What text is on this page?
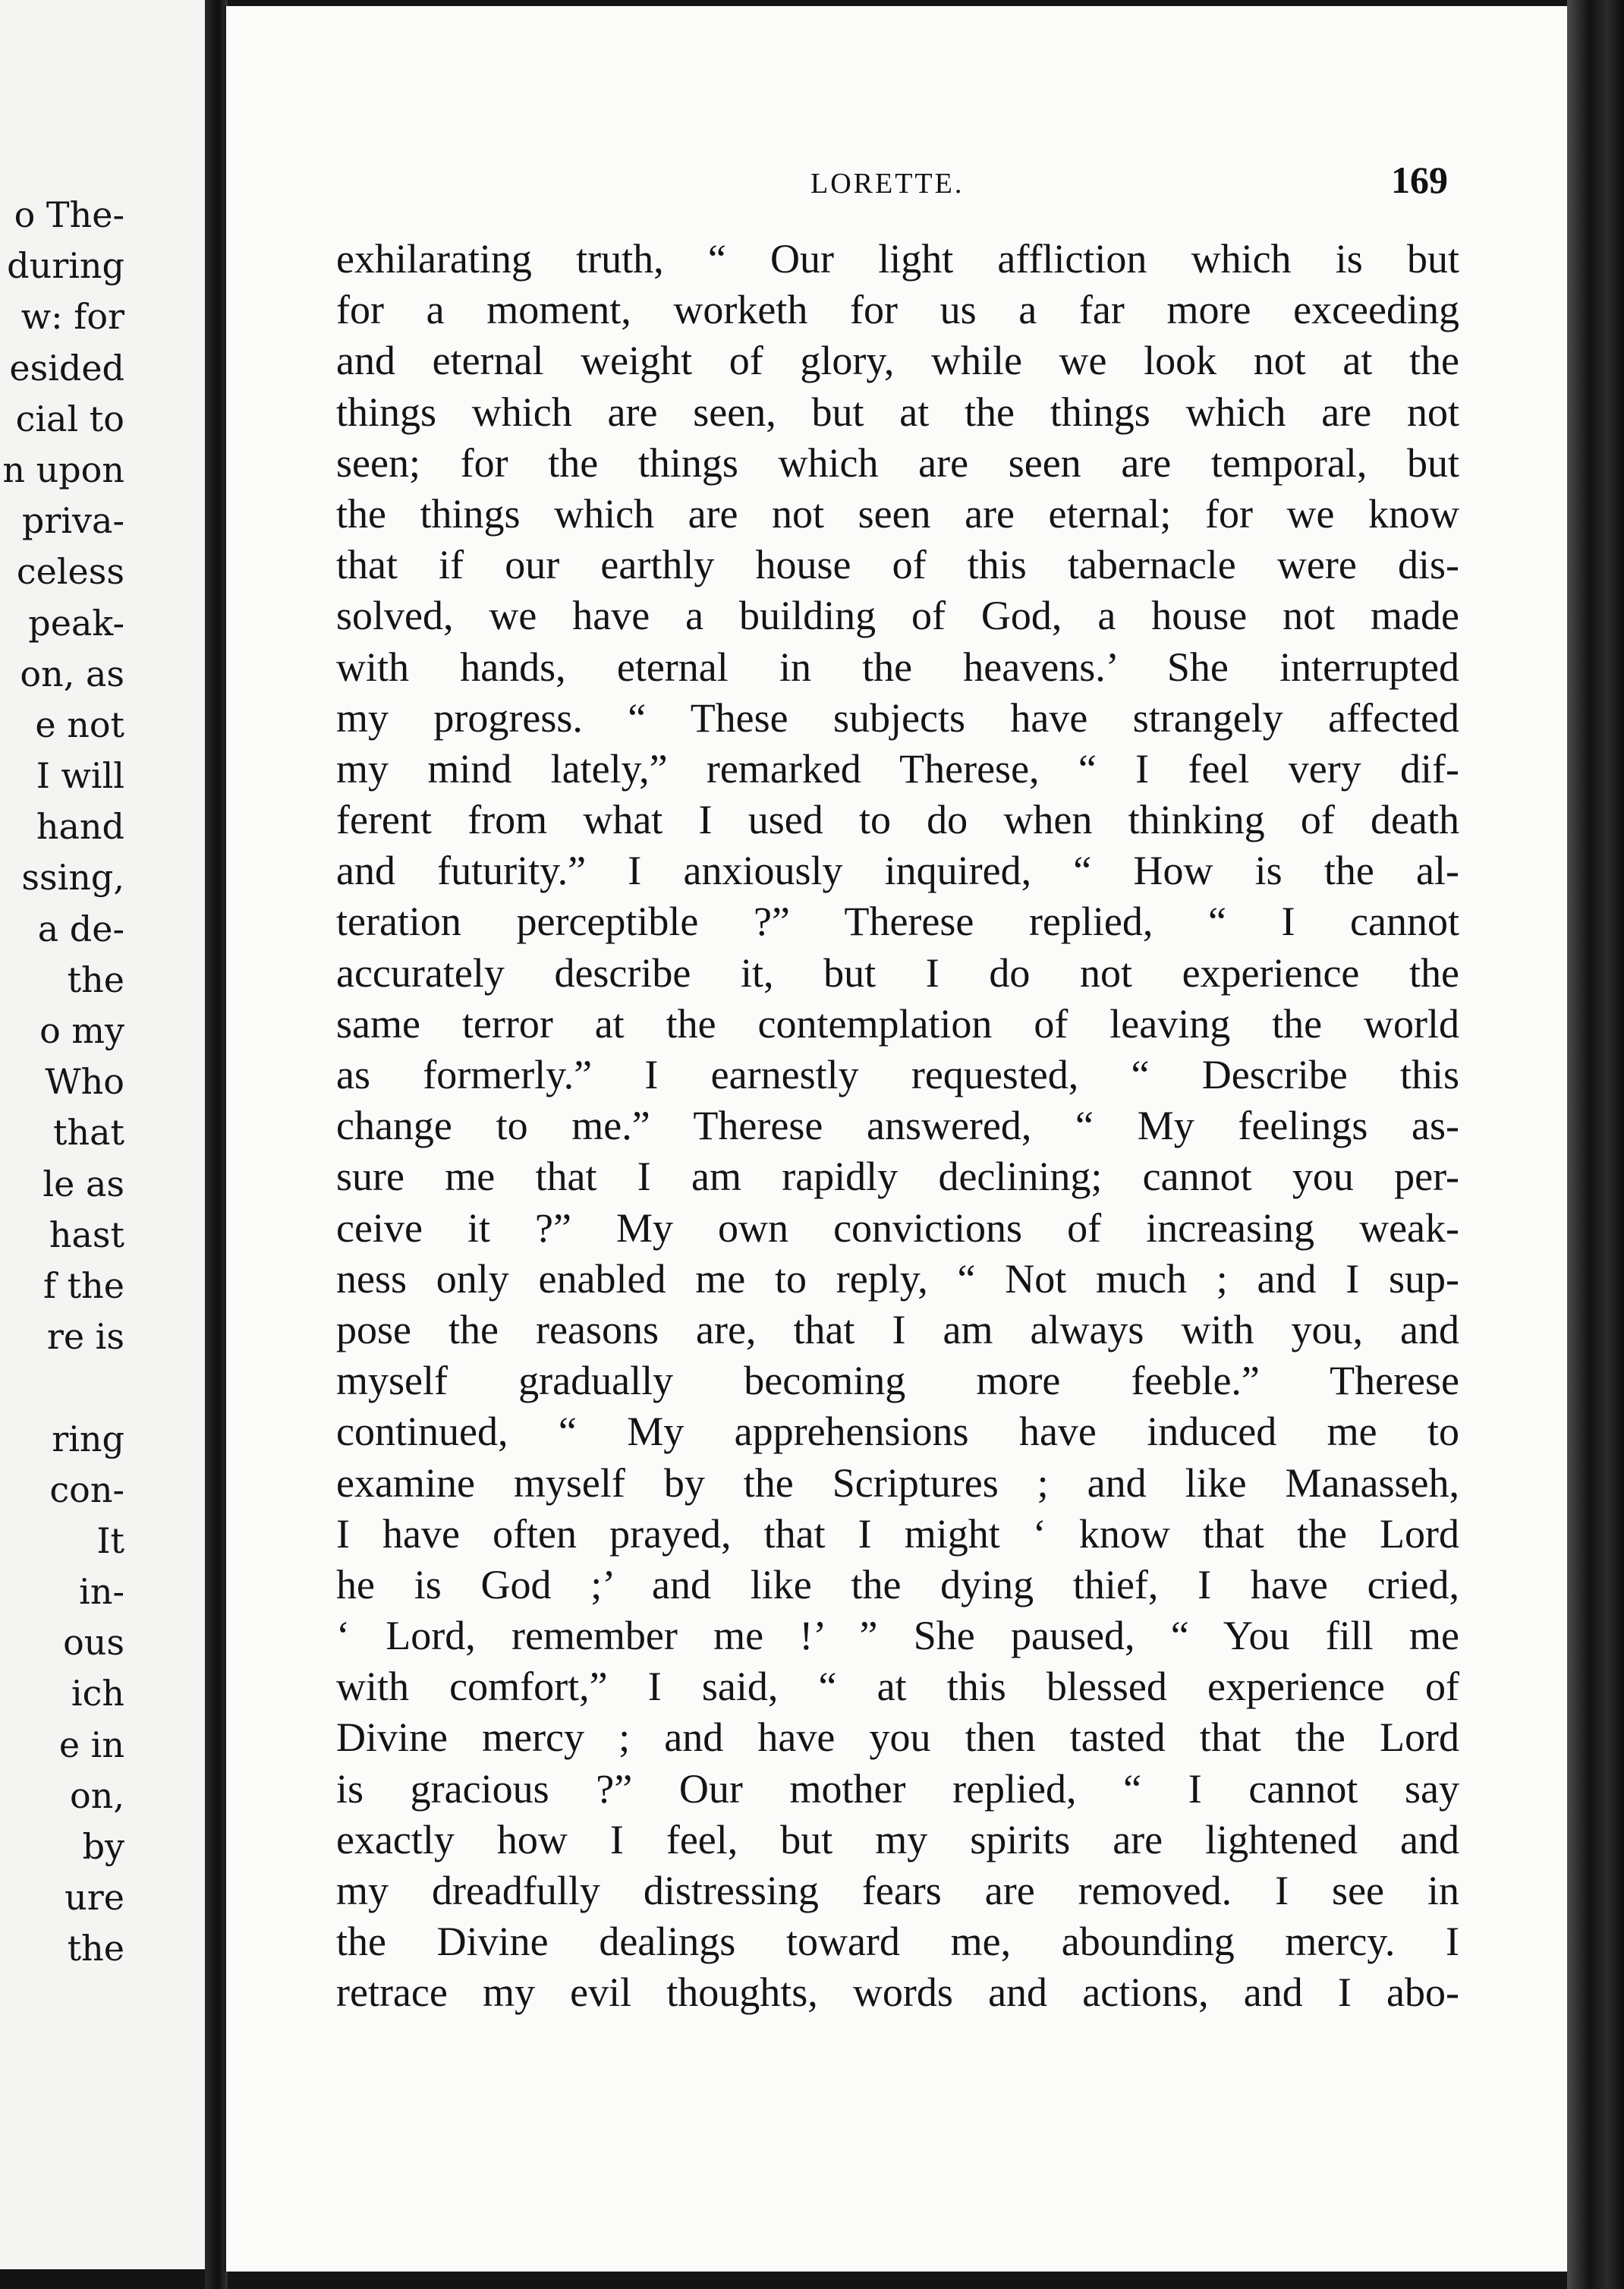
o The-
during
w: for
esided
cial to
n upon
priva-
celess
peak-
on, as
e not
I will
hand
ssing,
a de-
the
o my
Who
that
le as
hast
f the
re is
ring
con-
It
in-
ous
ich
e in
on,
by
ure
the
LORETTE.	169
exhilarating truth, “ Our light affliction which is but
for a moment, worketh for us a far more exceeding
and eternal weight of glory, while we look not at the
things which are seen, but at the things which are not
seen; for the things which are seen are temporal, but
the things which are not seen are eternal; for we know
that if our earthly house of this tabernacle were dis-
solved, we have a building of God, a house not made
with hands, eternal in the heavens.’ She interrupted
my progress. “ These subjects have strangely affected
my mind lately,” remarked Therese, “ I feel very dif-
ferent from what I used to do when thinking of death
and futurity.” I anxiously inquired, “ How is the al-
teration perceptible ?” Therese replied, “ I cannot
accurately describe it, but I do not experience the
same terror at the contemplation of leaving the world
as formerly.” I earnestly requested, “ Describe this
change to me.” Therese answered, “ My feelings as-
sure me that I am rapidly declining; cannot you per-
ceive it ?” My own convictions of increasing weak-
ness only enabled me to reply, “ Not much ; and I sup-
pose the reasons are, that I am always with you, and
myself gradually becoming more feeble.” Therese
continued, “ My apprehensions have induced me to
examine myself by the Scriptures ; and like Manasseh,
I have often prayed, that I might ‘ know that the Lord
he is God ;’ and like the dying thief, I have cried,
‘ Lord, remember me !’ ” She paused, “ You fill me
with comfort,” I said, “ at this blessed experience of
Divine mercy ; and have you then tasted that the Lord
is gracious ?” Our mother replied, “ I cannot say
exactly how I feel, but my spirits are lightened and
my dreadfully distressing fears are removed. I see in
the Divine dealings toward me, abounding mercy. I
retrace my evil thoughts, words and actions, and I abo-
